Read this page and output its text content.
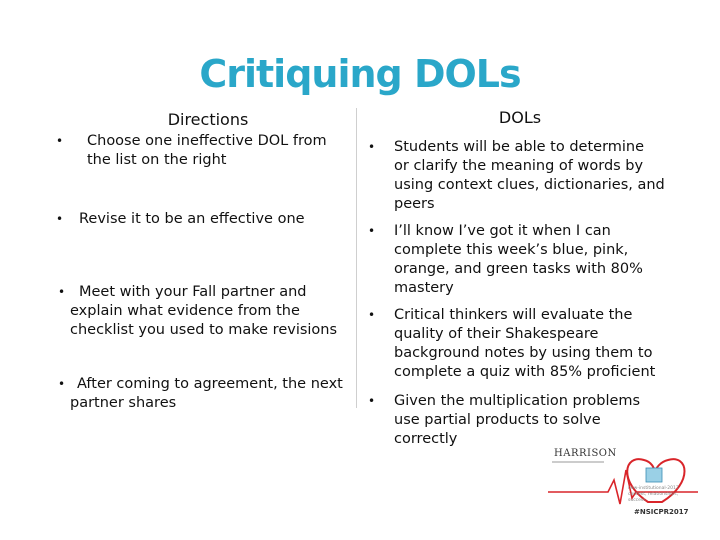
Critiquing DOLs
Directions	DOLs
• Choose one ineffective DOL from
the list on the right
• Revise it to be an effective one
• Meet with your Fall partner and
explain what evidence from the
checklist you used to make revisions
• After coming to agreement, the next
partner shares
• Students will be able to determine
or clarify the meaning of words by
using context clues, dictionaries, and
peers
• I’ll know I’ve got it when I can
complete this week’s blue, pink,
orange, and green tasks with 80%
mastery
• Critical thinkers will evaluate the
quality of their Shakespeare
background notes by using them to
complete a quiz with 85% proficient
• Given the multiplication problems
use partial products to solve
correctly
HARRISON
new-institutional-2017 context, relationships, success
#NSICPR2017
